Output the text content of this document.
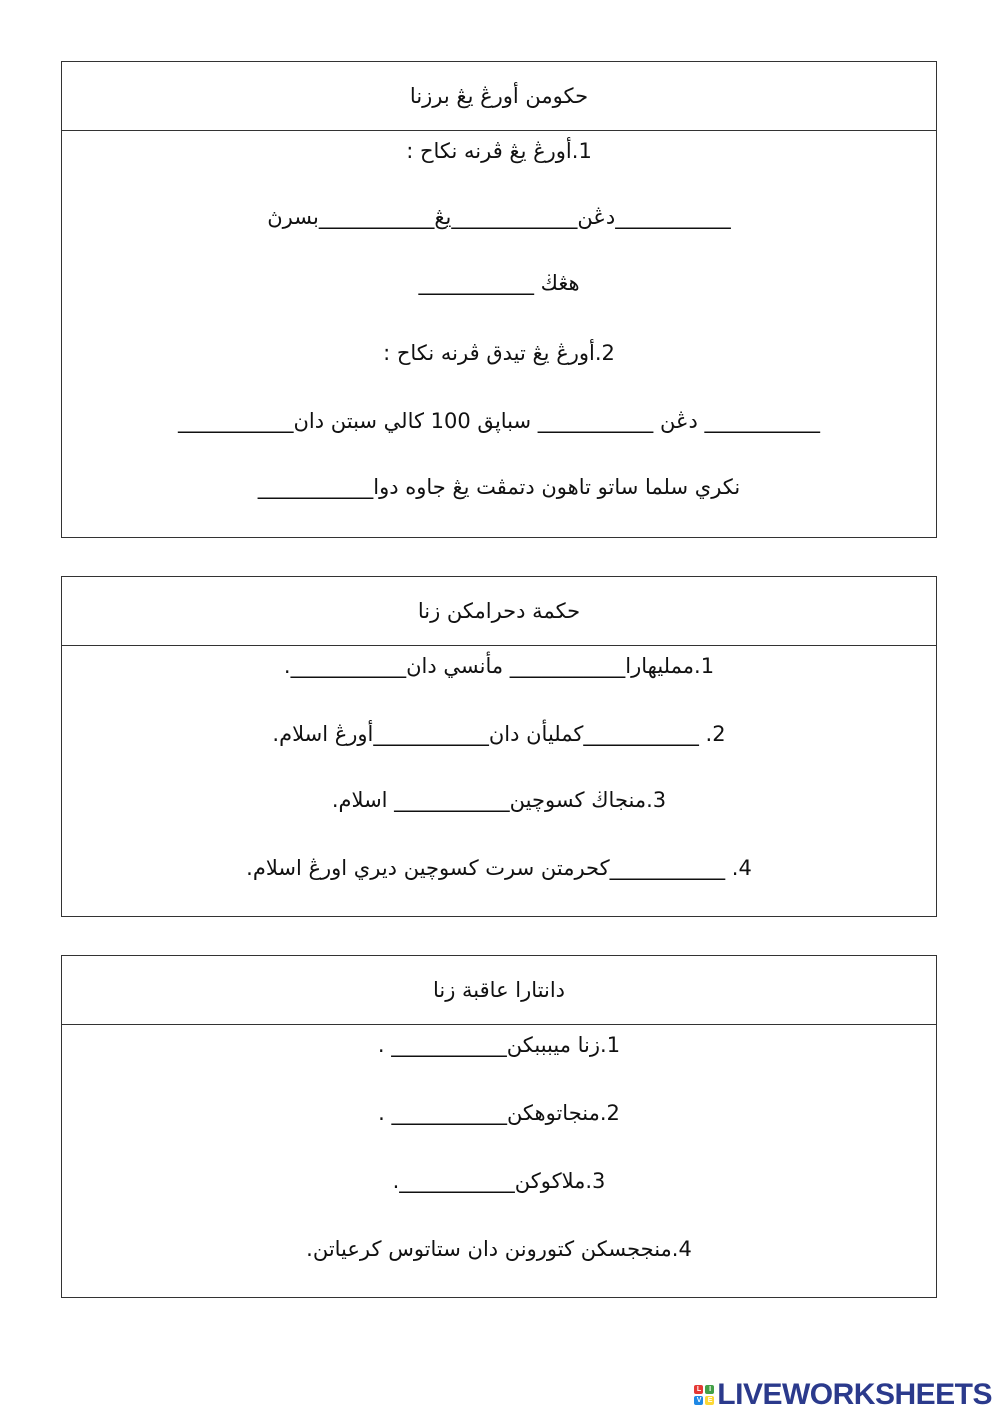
حكومن أورڠ يڠ برزنا
1.أورڠ يڠ ڤرنه نكاح :
___________دڠن____________يڠ___________بسرڽ
هڠڬ ___________
2.أورڠ يڠ تيدق ڤرنه نكاح :
___________ دڠن ___________ سباپق 100 كالي سبتن دان___________
نكري سلما ساتو تاهون دتمڤت يڠ جاوه دوا___________
حكمة دحرامكن زنا
1.مملیهارا___________ مأنسي دان___________.
2. ___________كمليأن دان___________أورڠ اسلام.
3.منجاڬ كسوچين___________ اسلام.
4. ___________كحرمتن سرت كسوچين ديري اورڠ اسلام.
دانتارا عاقبة زنا
1.زنا ميبببكن___________ .
2.منجاتوهكن___________ .
3.ملاكوكن___________.
4.منججسكن كتورونن دان ستاتوس كرعياتن.
L	I
V E LIVEWORKSHEETS
